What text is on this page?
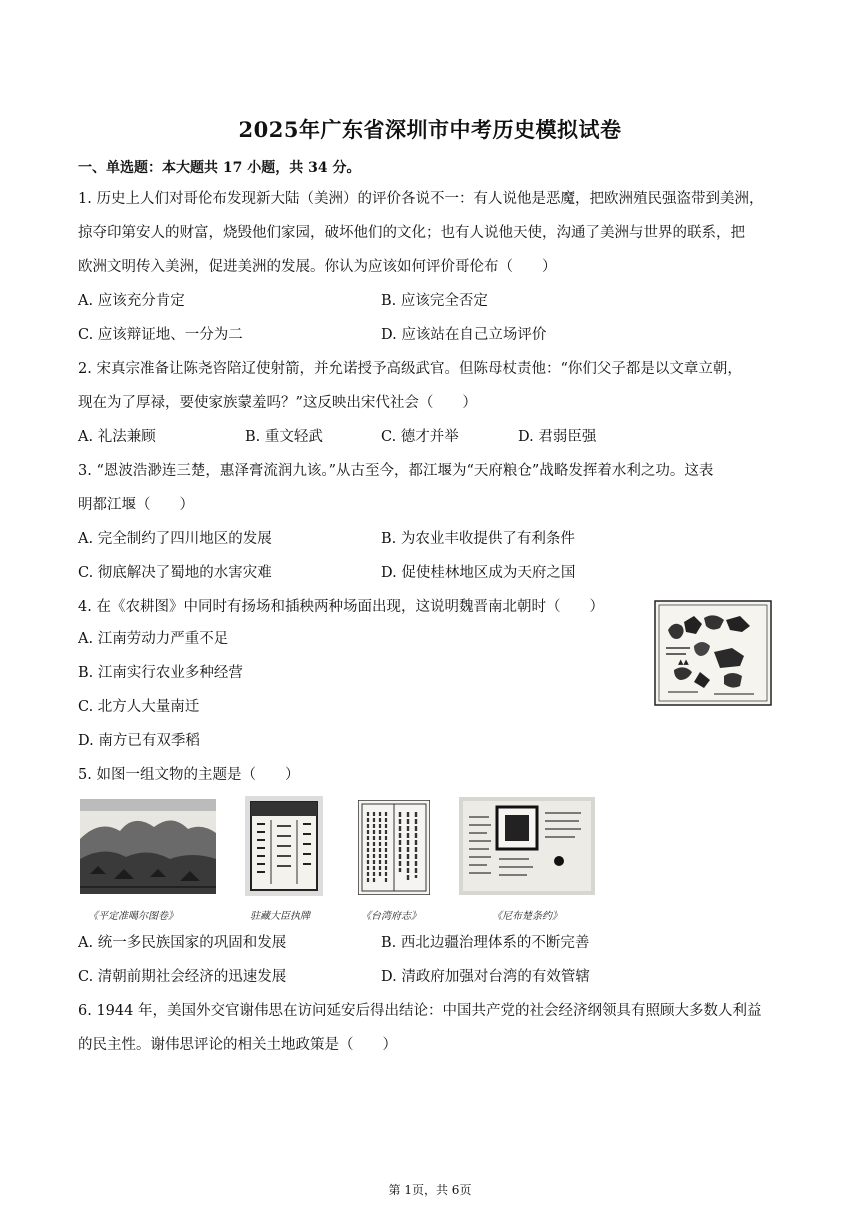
2025年广东省深圳市中考历史模拟试卷
一、单选题：本大题共 17 小题，共 34 分。
1. 历史上人们对哥伦布发现新大陆（美洲）的评价各说不一：有人说他是恶魔，把欧洲殖民强盗带到美洲，
掠夺印第安人的财富，烧毁他们家园，破坏他们的文化；也有人说他天使，沟通了美洲与世界的联系，把
欧洲文明传入美洲，促进美洲的发展。你认为应该如何评价哥伦布（　　）
A. 应该充分肯定	B. 应该完全否定
C. 应该辩证地、一分为二	D. 应该站在自己立场评价
2. 宋真宗准备让陈尧咨陪辽使射箭，并允诺授予高级武官。但陈母杖责他：“你们父子都是以文章立朝，
现在为了厚禄，要使家族蒙羞吗？”这反映出宋代社会（　　）
A. 礼法兼顾	B. 重文轻武	C. 德才并举	D. 君弱臣强
3. “恩波浩渺连三楚，惠泽膏流润九该。”从古至今，都江堰为“天府粮仓”战略发挥着水利之功。这表
明都江堰（　　）
A. 完全制约了四川地区的发展	B. 为农业丰收提供了有利条件
C. 彻底解决了蜀地的水害灾难	D. 促使桂林地区成为天府之国
4. 在《农耕图》中同时有扬场和插秧两种场面出现，这说明魏晋南北朝时（　　）
A. 江南劳动力严重不足
B. 江南实行农业多种经营
C. 北方人大量南迁
D. 南方已有双季稻
▲▲
5. 如图一组文物的主题是（　　）
《平定准噶尔图卷》	驻藏大臣执牌	《台湾府志》	《尼布楚条约》
A. 统一多民族国家的巩固和发展	B. 西北边疆治理体系的不断完善
C. 清朝前期社会经济的迅速发展	D. 清政府加强对台湾的有效管辖
6. 1944 年，美国外交官谢伟思在访问延安后得出结论：中国共产党的社会经济纲领具有照顾大多数人利益
的民主性。谢伟思评论的相关土地政策是（　　）
第 1页，共 6页
